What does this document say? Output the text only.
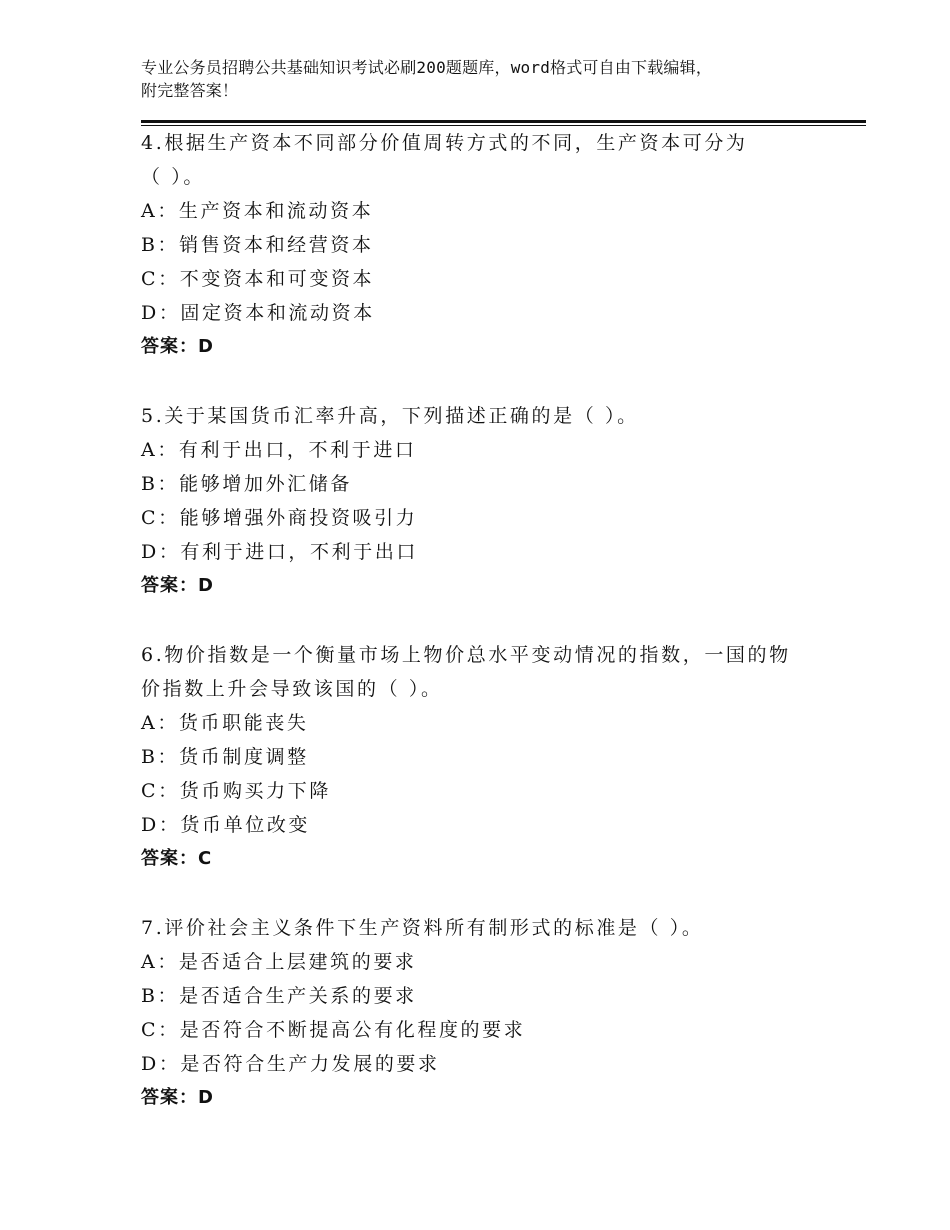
专业公务员招聘公共基础知识考试必刷200题题库，word格式可自由下载编辑，
附完整答案！
4.根据生产资本不同部分价值周转方式的不同，生产资本可分为
（ ）。
A：生产资本和流动资本
B：销售资本和经营资本
C：不变资本和可变资本
D：固定资本和流动资本
答案：D
5.关于某国货币汇率升高，下列描述正确的是（ ）。
A：有利于出口，不利于进口
B：能够增加外汇储备
C：能够增强外商投资吸引力
D：有利于进口，不利于出口
答案：D
6.物价指数是一个衡量市场上物价总水平变动情况的指数，一国的物
价指数上升会导致该国的（ ）。
A：货币职能丧失
B：货币制度调整
C：货币购买力下降
D：货币单位改变
答案：C
7.评价社会主义条件下生产资料所有制形式的标准是（ ）。
A：是否适合上层建筑的要求
B：是否适合生产关系的要求
C：是否符合不断提高公有化程度的要求
D：是否符合生产力发展的要求
答案：D
